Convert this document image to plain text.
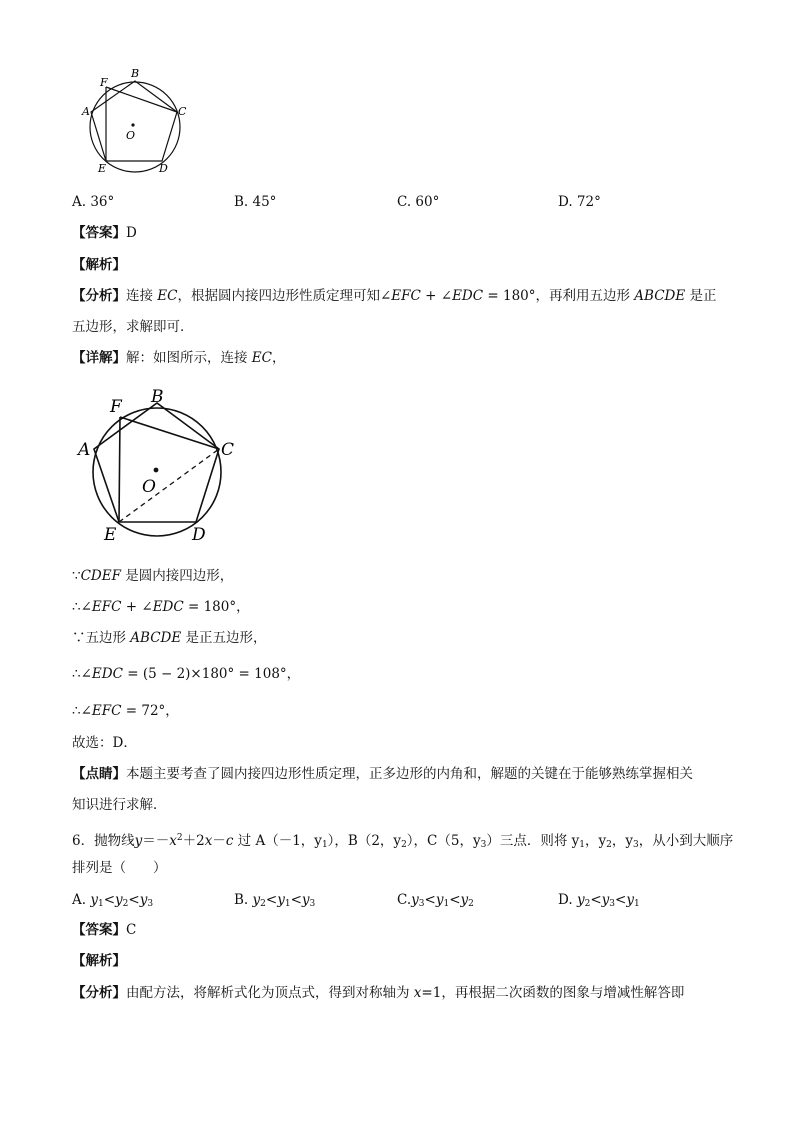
F
B
A	C
O
E	D
A. 36°	B. 45°	C. 60°	D. 72°
【答案】D
【解析】
【分析】连接 EC，根据圆内接四边形性质定理可知∠EFC + ∠EDC = 180°，再利用五边形 ABCDE 是正
五边形，求解即可．
【详解】解：如图所示，连接 EC，
F B
A	C
O
E	D
∵CDEF 是圆内接四边形，
∴∠EFC + ∠EDC = 180°，
∵五边形 ABCDE 是正五边形，
∴∠EDC = (5 − 2)×180° = 108°，
∴∠EFC = 72°，
故选：D．
【点睛】本题主要考查了圆内接四边形性质定理，正多边形的内角和，解题的关键在于能够熟练掌握相关
知识进行求解．
6．抛物线$y=-x^2+2x-c$ 过 A（－1，$y_1$），B（2，$y_2$），C（5，$y_3$）三点．则将 $y_1$，$y_2$，$y_3$，从小到大顺序
排列是（　　）
A. $y_1<y_2<y_3$	B. $y_2<y_1<y_3$	$C.y_3<y_1<y_2$	D. $y_2<y_3<y_1$
【答案】C
【解析】
【分析】由配方法，将解析式化为顶点式，得到对称轴为 x=1，再根据二次函数的图象与增减性解答即
